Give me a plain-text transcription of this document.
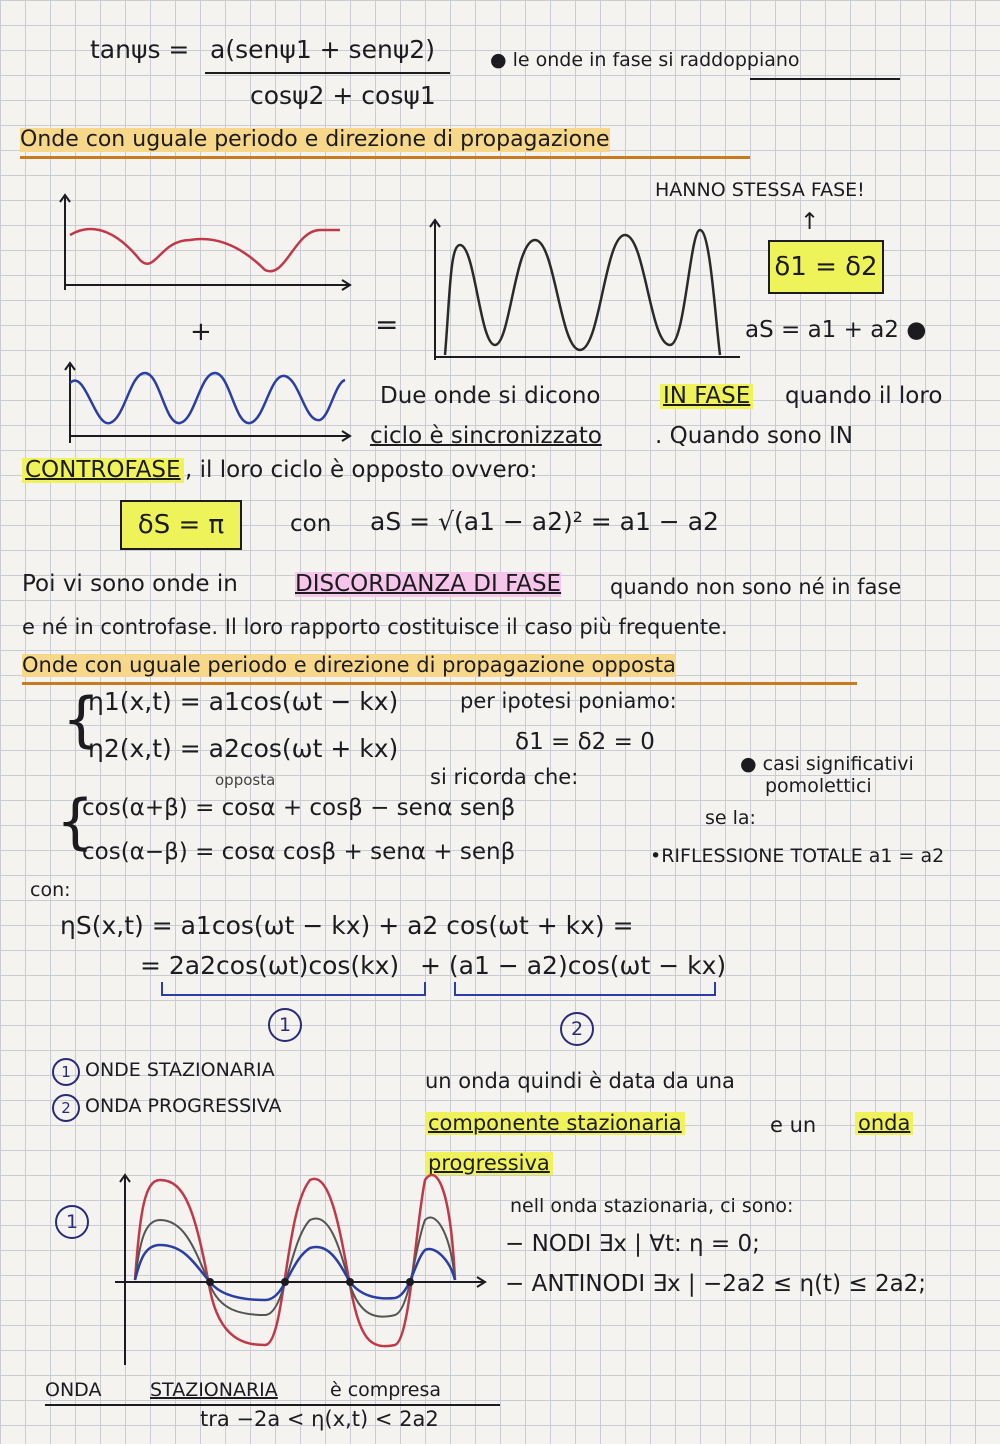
tanψs = a(senψ1 + senψ2)
cosψ2 + cosψ1
● le onde in fase si raddoppiano
Onde con uguale periodo e direzione di propagazione
HANNO STESSA FASE!
↑
δ1 = δ2
aS = a1 + a2 ●
+	=
Due onde si dicono	IN FASE quando il loro
ciclo è sincronizzato . Quando sono IN
CONTROFASE , il loro ciclo è opposto ovvero:
δS = π	con aS = √(a1 − a2)² = a1 − a2
Poi vi sono onde in DISCORDANZA DI FASE quando non sono né in fase
e né in controfase. Il loro rapporto costituisce il caso più frequente.
Onde con uguale periodo e direzione di propagazione opposta
{
η1(x,t) = a1cos(ωt − kx)
η2(x,t) = a2cos(ωt + kx)
opposta
per ipotesi poniamo:
δ1 = δ2 = 0
si ricorda che:
● casi significativi
pomolettici
se la:
•RIFLESSIONE TOTALE a1 = a2
{
cos(α+β) = cosα + cosβ − senα senβ
cos(α−β) = cosα cosβ + senα + senβ
con:
ηS(x,t) = a1cos(ωt − kx) + a2 cos(ωt + kx) =
= 2a2cos(ωt)cos(kx) + (a1 − a2)cos(ωt − kx)
1	2
1 ONDE STAZIONARIA
2 ONDA PROGRESSIVA
un onda quindi è data da una
componente stazionaria	e un onda
progressiva
1
nell onda stazionaria, ci sono:
− NODI ∃x | ∀t: η = 0;
− ANTINODI ∃x | −2a2 ≤ η(t) ≤ 2a2;
ONDA	STAZIONARIA	è compresa
tra −2a < η(x,t) < 2a2
